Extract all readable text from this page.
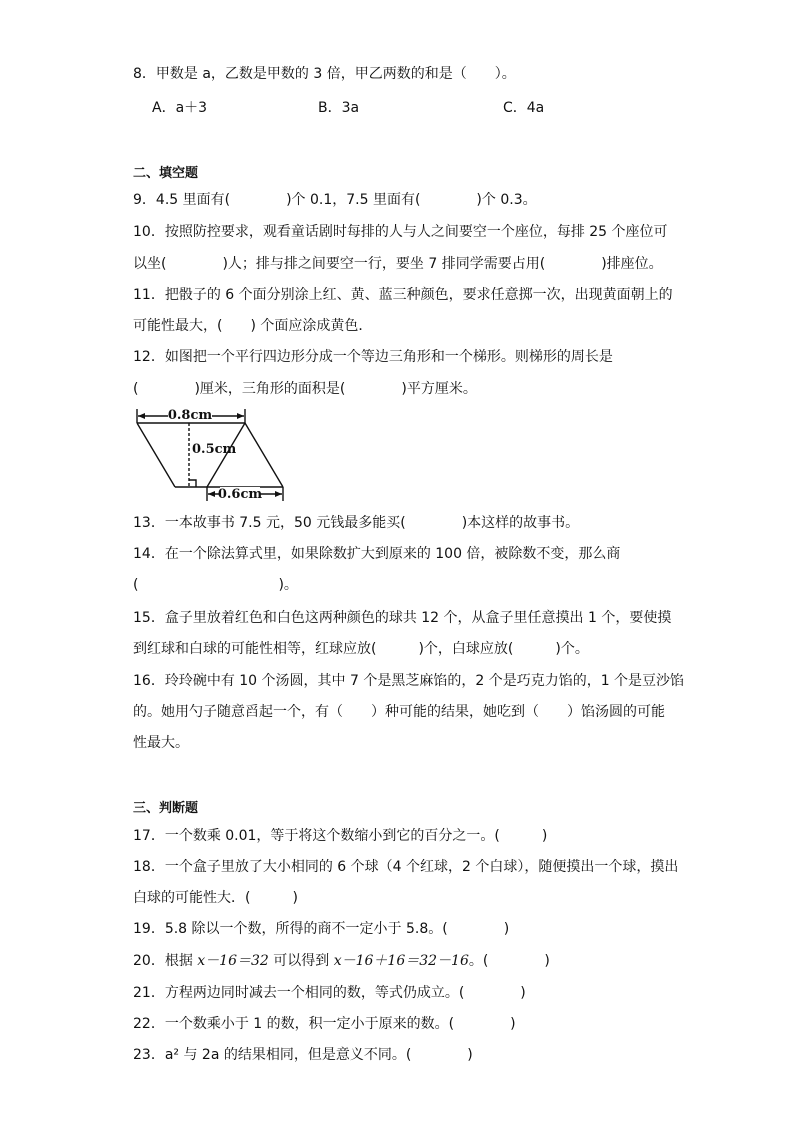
8．甲数是 a，乙数是甲数的 3 倍，甲乙两数的和是（　　）。
A．a＋3	B．3a	C．4a
二、填空题
9．4.5 里面有(　　　　)个 0.1，7.5 里面有(　　　　)个 0.3。
10．按照防控要求，观看童话剧时每排的人与人之间要空一个座位，每排 25 个座位可
以坐(　　　　)人；排与排之间要空一行，要坐 7 排同学需要占用(　　　　)排座位。
11．把骰子的 6 个面分别涂上红、黄、蓝三种颜色，要求任意掷一次，出现黄面朝上的
可能性最大，(　　) 个面应涂成黄色．
12．如图把一个平行四边形分成一个等边三角形和一个梯形。则梯形的周长是
(　　　　)厘米，三角形的面积是(　　　　)平方厘米。
0.8cm
0.5cm
0.6cm
13．一本故事书 7.5 元，50 元钱最多能买(　　　　)本这样的故事书。
14．在一个除法算式里，如果除数扩大到原来的 100 倍，被除数不变，那么商
(　　　　　　　　　　)。
15．盒子里放着红色和白色这两种颜色的球共 12 个，从盒子里任意摸出 1 个，要使摸
到红球和白球的可能性相等，红球应放(　　　)个，白球应放(　　　)个。
16．玲玲碗中有 10 个汤圆，其中 7 个是黑芝麻馅的，2 个是巧克力馅的，1 个是豆沙馅
的。她用勺子随意舀起一个，有（　　）种可能的结果，她吃到（　　）馅汤圆的可能
性最大。
三、判断题
17．一个数乘 0.01，等于将这个数缩小到它的百分之一。(　　　)
18．一个盒子里放了大小相同的 6 个球（4 个红球，2 个白球），随便摸出一个球，摸出
白球的可能性大．(　　　)
19．5.8 除以一个数，所得的商不一定小于 5.8。(　　　　)
20．根据 x－16＝32 可以得到 x－16＋16＝32－16。(　　　　)
21．方程两边同时减去一个相同的数，等式仍成立。(　　　　)
22．一个数乘小于 1 的数，积一定小于原来的数。(　　　　)
23．a² 与 2a 的结果相同，但是意义不同。(　　　　)
